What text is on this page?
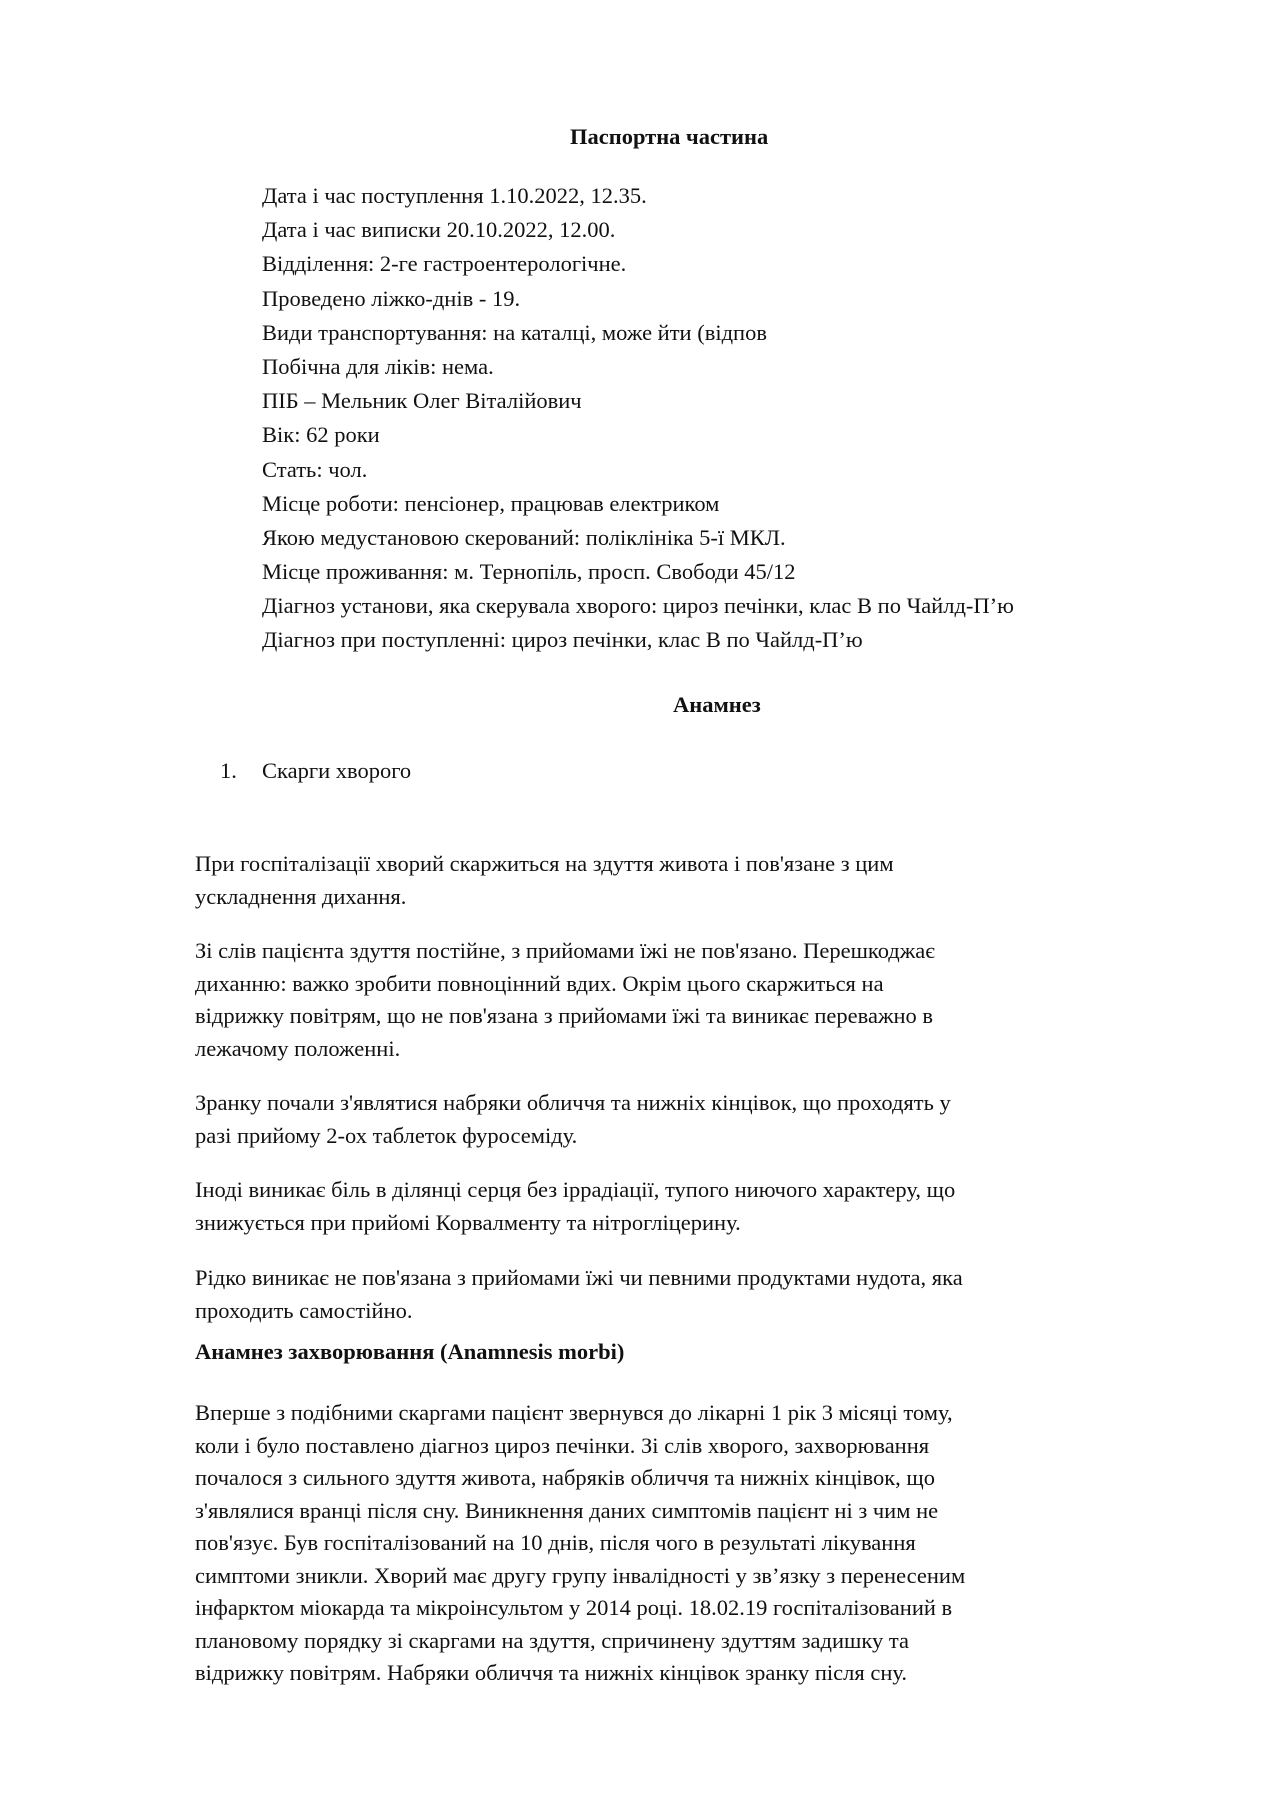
Паспортна частина
Дата і час поступлення 1.10.2022, 12.35.
Дата і час виписки 20.10.2022, 12.00.
Відділення: 2-ге гастроентерологічне.
Проведено ліжко-днів - 19.
Види транспортування: на каталці, може йти (відпов
Побічна для ліків: нема.
ПІБ – Мельник Олег Віталійович
Вік: 62 роки
Стать: чол.
Місце роботи: пенсіонер, працював електриком
Якою медустановою скерований: поліклініка 5-ї МКЛ.
Місце проживання: м. Тернопіль, просп. Свободи 45/12
Діагноз установи, яка скерувала хворого: цироз печінки, клас В по Чайлд-П’ю
Діагноз при поступленні: цироз печінки, клас В по Чайлд-П’ю
Анамнез
1. Скарги хворого

При госпіталізації хворий скаржиться на здуття живота і пов'язане з цим
ускладнення дихання.

Зі слів пацієнта здуття постійне, з прийомами їжі не пов'язано. Перешкоджає
диханню: важко зробити повноцінний вдих. Окрім цього скаржиться на
відрижку повітрям, що не пов'язана з прийомами їжі та виникає переважно в
лежачому положенні.

Зранку почали з'являтися набряки обличчя та нижніх кінцівок, що проходять у
разі прийому 2-ох таблеток фуросеміду.

Іноді виникає біль в ділянці серця без іррадіації, тупого ниючого характеру, що
знижується при прийомі Корвалменту та нітрогліцерину.

Рідко виникає не пов'язана з прийомами їжі чи певними продуктами нудота, яка
проходить самостійно.

Анамнез захворювання (Anamnesis morbi)

Вперше з подібними скаргами пацієнт звернувся до лікарні 1 рік 3 місяці тому,
коли і було поставлено діагноз цироз печінки. Зі слів хворого, захворювання
почалося з сильного здуття живота, набряків обличчя та нижніх кінцівок, що
з'являлися вранці після сну. Виникнення даних симптомів пацієнт ні з чим не
пов'язує. Був госпіталізований на 10 днів, після чого в результаті лікування
симптоми зникли. Хворий має другу групу інвалідності у зв’язку з перенесеним
інфарктом міокарда та мікроінсультом у 2014 році. 18.02.19 госпіталізований в
плановому порядку зі скаргами на здуття, спричинену здуттям задишку та
відрижку повітрям. Набряки обличчя та нижніх кінцівок зранку після сну.
